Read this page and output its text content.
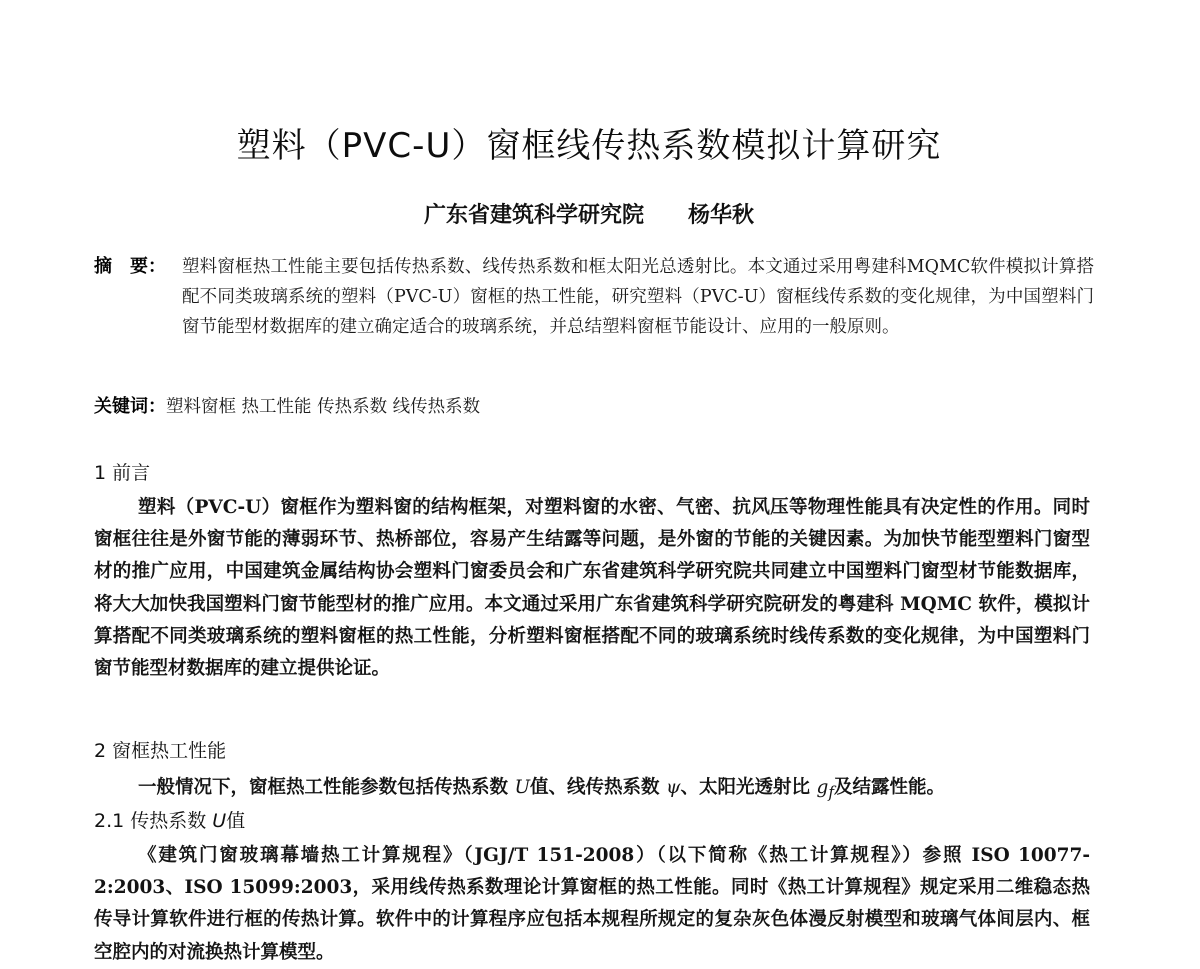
塑料（PVC-U）窗框线传热系数模拟计算研究
广东省建筑科学研究院 杨华秋
摘　要： 塑料窗框热工性能主要包括传热系数、线传热系数和框太阳光总透射比。本文通过采用粤建科MQMC软件模拟计算搭配不同类玻璃系统的塑料（PVC-U）窗框的热工性能，研究塑料（PVC-U）窗框线传系数的变化规律，为中国塑料门窗节能型材数据库的建立确定适合的玻璃系统，并总结塑料窗框节能设计、应用的一般原则。
关键词：塑料窗框 热工性能 传热系数 线传热系数
1 前言

塑料（PVC-U）窗框作为塑料窗的结构框架，对塑料窗的水密、气密、抗风压等物理性能具有决定性的作用。同时窗框往往是外窗节能的薄弱环节、热桥部位，容易产生结露等问题，是外窗的节能的关键因素。为加快节能型塑料门窗型材的推广应用，中国建筑金属结构协会塑料门窗委员会和广东省建筑科学研究院共同建立中国塑料门窗型材节能数据库，将大大加快我国塑料门窗节能型材的推广应用。本文通过采用广东省建筑科学研究院研发的粤建科 MQMC 软件，模拟计算搭配不同类玻璃系统的塑料窗框的热工性能，分析塑料窗框搭配不同的玻璃系统时线传系数的变化规律，为中国塑料门窗节能型材数据库的建立提供论证。

2 窗框热工性能

一般情况下，窗框热工性能参数包括传热系数 U值、线传热系数 ψ、太阳光透射比 $g_f$及结露性能。

2.1 传热系数 U值

《建筑门窗玻璃幕墙热工计算规程》（JGJ/T 151-2008）（以下简称《热工计算规程》）参照 ISO 10077-2:2003、ISO 15099:2003，采用线传热系数理论计算窗框的热工性能。同时《热工计算规程》规定采用二维稳态热传导计算软件进行框的传热计算。软件中的计算程序应包括本规程所规定的复杂灰色体漫反射模型和玻璃气体间层内、框空腔内的对流换热计算模型。
